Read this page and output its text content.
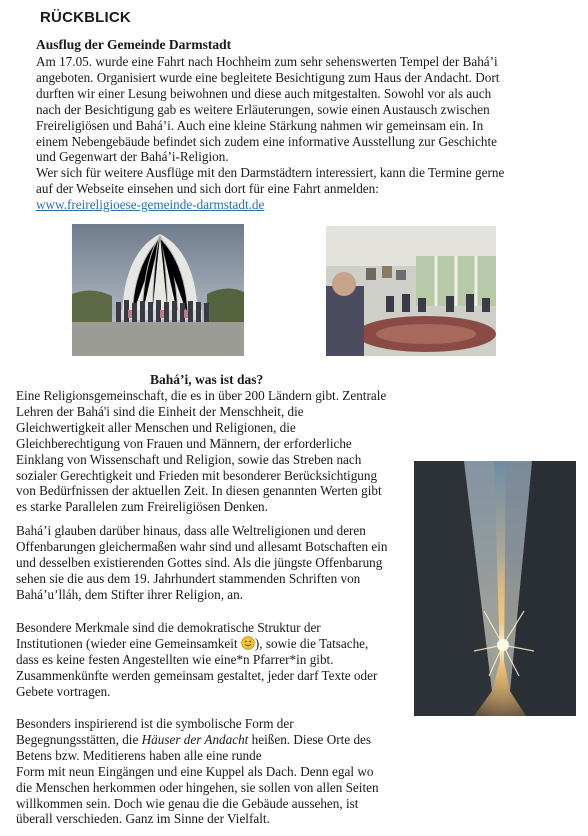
RÜCKBLICK
Ausflug der Gemeinde Darmstadt

Am 17.05. wurde eine Fahrt nach Hochheim zum sehr sehenswerten Tempel der Bahá’i
angeboten. Organisiert wurde eine begleitete Besichtigung zum Haus der Andacht. Dort
durften wir einer Lesung beiwohnen und diese auch mitgestalten. Sowohl vor als auch
nach der Besichtigung gab es weitere Erläuterungen, sowie einen Austausch zwischen
Freireligiösen und Bahá’i. Auch eine kleine Stärkung nahmen wir gemeinsam ein. In
einem Nebengebäude befindet sich zudem eine informative Ausstellung zur Geschichte
und Gegenwart der Bahá’i-Religion.
Wer sich für weitere Ausflüge mit den Darmstädtern interessiert, kann die Termine gerne
auf der Webseite einsehen und sich dort für eine Fahrt anmelden:
www.freireligioese-gemeinde-darmstadt.de

Bahá’i, was ist das?

Eine Religionsgemeinschaft, die es in über 200 Ländern gibt. Zentrale
Lehren der Bahá'i sind die Einheit der Menschheit, die
Gleichwertigkeit aller Menschen und Religionen, die
Gleichberechtigung von Frauen und Männern, der erforderliche
Einklang von Wissenschaft und Religion, sowie das Streben nach
sozialer Gerechtigkeit und Frieden mit besonderer Berücksichtigung
von Bedürfnissen der aktuellen Zeit. In diesen genannten Werten gibt
es starke Parallelen zum Freireligiösen Denken.

Bahá’i glauben darüber hinaus, dass alle Weltreligionen und deren
Offenbarungen gleichermaßen wahr sind und allesamt Botschaften ein
und desselben existierenden Gottes sind. Als die jüngste Offenbarung
sehen sie die aus dem 19. Jahrhundert stammenden Schriften von
Bahá’u’lláh, dem Stifter ihrer Religion, an.

Besondere Merkmale sind die demokratische Struktur der
Institutionen (wieder eine Gemeinsamkeit ), sowie die Tatsache,
dass es keine festen Angestellten wie eine*n Pfarrer*in gibt.
Zusammenkünfte werden gemeinsam gestaltet, jeder darf Texte oder
Gebete vortragen.

Besonders inspirierend ist die symbolische Form der
Begegnungsstätten, die Häuser der Andacht heißen. Diese Orte des
Betens bzw. Meditierens haben alle eine runde
Form mit neun Eingängen und eine Kuppel als Dach. Denn egal wo
die Menschen herkommen oder hingehen, sie sollen von allen Seiten
willkommen sein. Doch wie genau die die Gebäude aussehen, ist
überall verschieden. Ganz im Sinne der Vielfalt.
